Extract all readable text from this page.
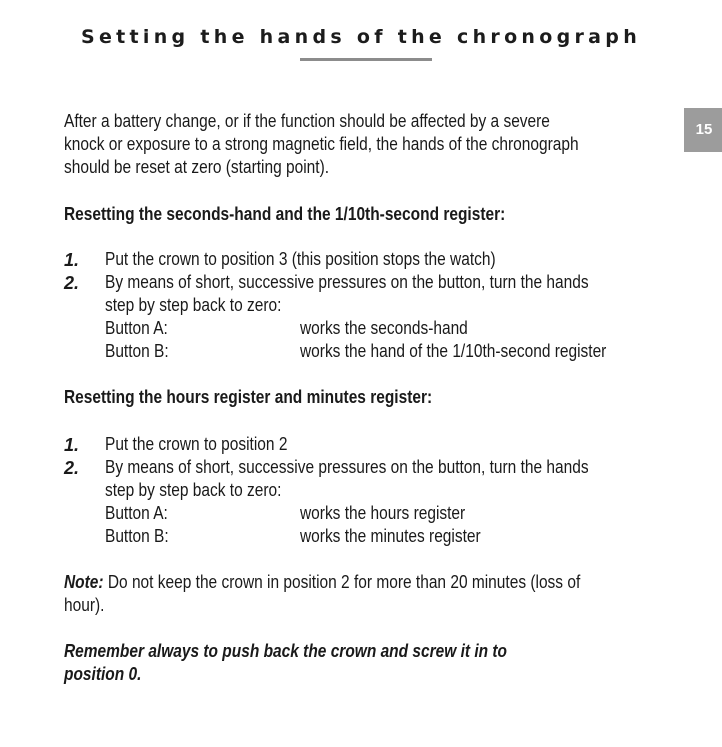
Setting the hands of the chronograph
15
After a battery change, or if the function should be affected by a severe
knock or exposure to a strong magnetic field, the hands of the chronograph
should be reset at zero (starting point).
Resetting the seconds-hand and the 1/10th-second register:
1. Put the crown to position 3 (this position stops the watch)
2. By means of short, successive pressures on the button, turn the hands
step by step back to zero:
Button A:	works the seconds-hand
Button B:	works the hand of the 1/10th-second register
Resetting the hours register and minutes register:
1. Put the crown to position 2
2. By means of short, successive pressures on the button, turn the hands
step by step back to zero:
Button A:	works the hours register
Button B:	works the minutes register
Note: Do not keep the crown in position 2 for more than 20 minutes (loss of
hour).
Remember always to push back the crown and screw it in to
position 0.
